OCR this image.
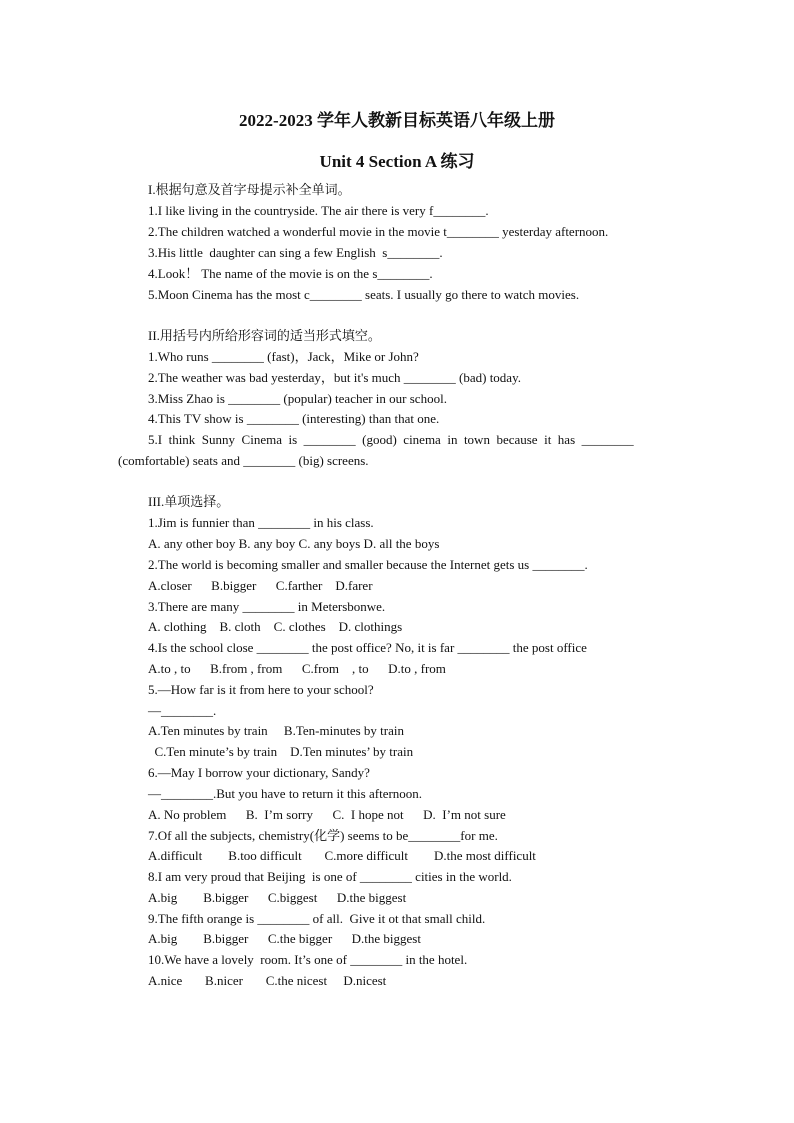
2022-2023 学年人教新目标英语八年级上册
Unit 4 Section A 练习

I.根据句意及首字母提示补全单词。

1.I like living in the countryside. The air there is very f________.

2.The children watched a wonderful movie in the movie t________ yesterday afternoon.

3.His little  daughter can sing a few English  s________.

4.Look！ The name of the movie is on the s________.

5.Moon Cinema has the most c________ seats. I usually go there to watch movies.

II.用括号内所给形容词的适当形式填空。

1.Who runs ________ (fast)，Jack，Mike or John?

2.The weather was bad yesterday，but it's much ________ (bad) today.

3.Miss Zhao is ________ (popular) teacher in our school.

4.This TV show is ________ (interesting) than that one.

5.I  think  Sunny  Cinema  is  ________  (good)  cinema  in  town  because  it  has  ________

(comfortable) seats and ________ (big) screens.

III.单项选择。

1.Jim is funnier than ________ in his class.

A. any other boy B. any boy C. any boys D. all the boys

2.The world is becoming smaller and smaller because the Internet gets us ________.

A.closer      B.bigger      C.farther    D.farer

3.There are many ________ in Metersbonwe.

A. clothing    B. cloth    C. clothes    D. clothings

4.Is the school close ________ the post office? No, it is far ________ the post office

A.to , to      B.from , from      C.from    , to      D.to , from

5.—How far is it from here to your school?

—________.

A.Ten minutes by train     B.Ten-minutes by train

C.Ten minute’s by train    D.Ten minutes’ by train

6.—May I borrow your dictionary, Sandy?

—________.But you have to return it this afternoon.

A. No problem      B.  I’m sorry      C.  I hope not      D.  I’m not sure

7.Of all the subjects, chemistry(化学) seems to be________for me.

A.difficult        B.too difficult       C.more difficult        D.the most difficult

8.I am very proud that Beijing  is one of ________ cities in the world.

A.big        B.bigger      C.biggest      D.the biggest

9.The fifth orange is ________ of all.  Give it ot that small child.

A.big        B.bigger      C.the bigger      D.the biggest

10.We have a lovely  room. It’s one of ________ in the hotel.

A.nice       B.nicer       C.the nicest     D.nicest
